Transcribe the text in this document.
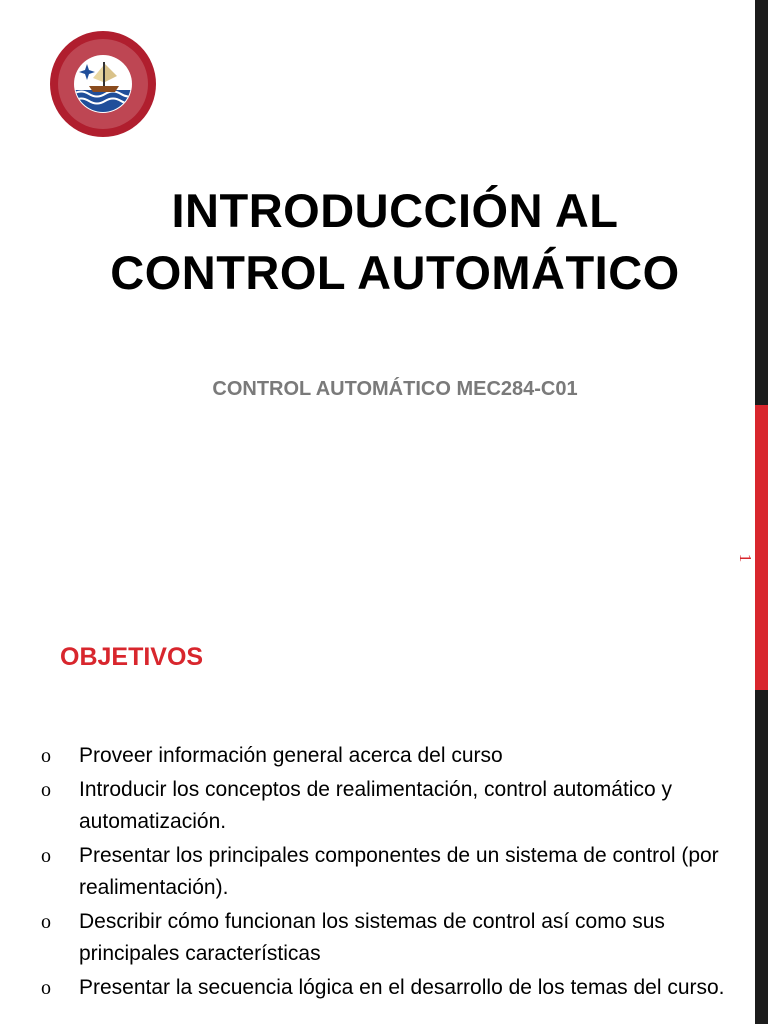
1
INTRODUCCIÓN AL
CONTROL AUTOMÁTICO
CONTROL AUTOMÁTICO MEC284-C01
OBJETIVOS
o Proveer información general acerca del curso
o Introducir los conceptos de realimentación, control automático y automatización.
o Presentar los principales componentes de un sistema de control (por realimentación).
o Describir cómo funcionan los sistemas de control así como sus principales características
o Presentar la secuencia lógica en el desarrollo de los temas del curso.
